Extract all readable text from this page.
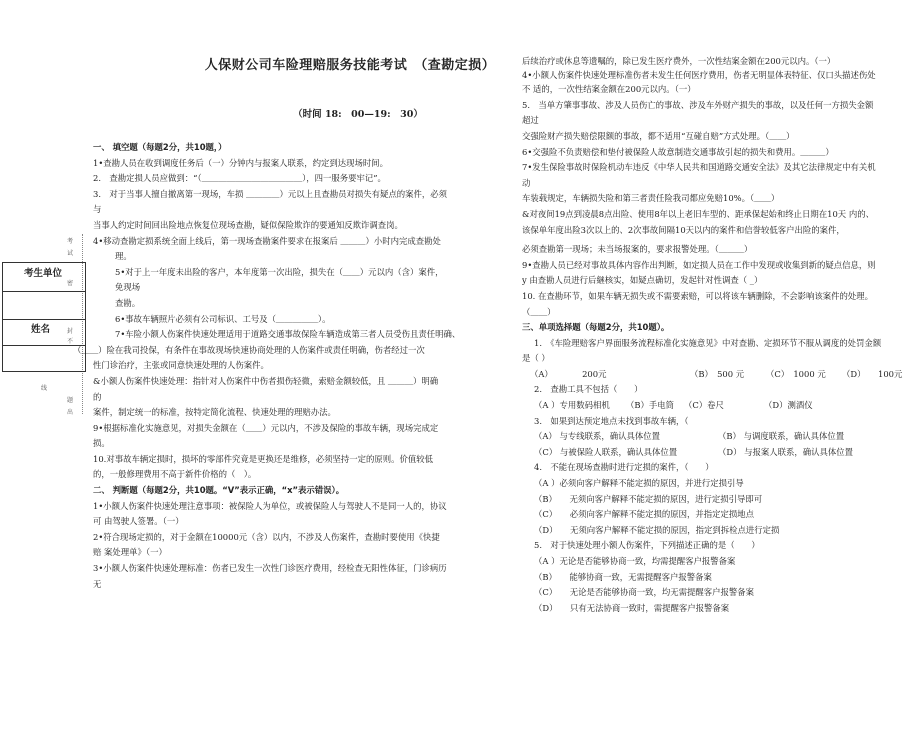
人保财公司车险理赔服务技能考试　（查勘定损）
（时间 18:　00—19:　30）
考
试
密
封
不
线
题
出
考生单位
姓名
一、 填空题（每题2分，共10题，）
1•查勘人员在收到调度任务后（一）分钟内与报案人联系，约定到达现场时间。
2.　查勘定损人员应做到：“（＿＿＿＿＿＿＿＿＿＿＿＿），四一服务要牢记”。
3.　对于当事人擅自撤离第一现场，车损 ＿＿＿＿）元以上且查勘员对损失有疑点的案件，必须
与
当事人约定时间回出险地点恢复位现场查勘，疑似保险欺诈的要通知反欺诈调查岗。
4•移动查勘定损系统全面上线后，第一现场查勘案件要求在报案后 ＿＿＿）小时内完成查勘处
理。
5•对于上一年度未出险的客户，本年度第一次出险，损失在（＿＿）元以内（含）案件，
免现场
查勘。
6•事故车辆照片必须有公司标识、工号及（＿＿＿＿＿）。
7•车险小额人伤案件快速处理适用于道路交通事故保险车辆造成第三者人员受伤且责任明确、
（＿＿）险在我司投保，有条件在事故现场快速协商处理的人伤案件或责任明确，伤者经过一次
性门诊治疗，主张或同意快速处理的人伤案件。
&小额人伤案件快速处理：指针对人伤案件中伤者损伤轻微，索赔金额较低，且 ＿＿＿）明确
的
案件，制定统一的标准，按特定简化流程、快速处理的理赔办法。
9•根据标准化实施意见，对损失金额在（＿＿）元以内，不涉及保险的事故车辆，现场完成定
损。
10.对事故车辆定损时，损坏的零部件究竟是更换还是维修，必须坚持一定的原则。价值较低
的，一般修理费用不高于新件价格的（　）。
二、 判断题（每题2分，共10题。“V”表示正确，“x”表示错误）。
1•小额人伤案件快速处理注意事项：被保险人为单位，或被保险人与驾驶人不是同一人的，协议
可 由驾驶人签署。（一）
2•符合现场定损的，对于金额在10000元（含）以内，不涉及人伤案件，查勘时要使用《快捷
赔 案处理单》（一）
3•小额人伤案件快速处理标准：伤者已发生一次性门诊医疗费用，经检查无阳性体征，门诊病历
无
后续治疗或休息等遗嘱的，除已发生医疗费外，一次性结案金额在200元以内。（一）
4•小额人伤案件快速处理标准伤者未发生任何医疗费用，伤者无明显体表特征、仅口头描述伤处
不 适的，一次性结案金额在200元以内。（一）
5.　当单方肇事事故、涉及人员伤亡的事故、涉及车外财产损失的事故，以及任何一方损失金额
超过
交强险财产损失赔偿限额的事故，都不适用“互碰自赔”方式处理。（＿＿）
6•交强险不负责赔偿和垫付被保险人故意制造交通事故引起的损失和费用。＿＿＿）
7•发生保险事故时保险机动车违反《中华人民共和国道路交通安全法》及其它法律规定中有关机
动
车装载规定，车辆损失险和第三者责任险我司都应免赔10%。（＿＿）
&对夜间19点到凌晨8点出险、使用8年以上老旧车型的、距承保起始和终止日期在10天 内的、
该保单年度出险3次以上的、2次事故间隔10天以内的案件和信誉较低客户出险的案件，
必须查勘第一现场；未当场报案的，要求报警处理。（＿＿＿）
9•查勘人员已经对事故具体内容作出判断，如定损人员在工作中发现或收集到新的疑点信息，则
y 由查勘人员进行后継核实，如疑点确切，发起针对性调查（ _）
10. 在查勘环节，如果车辆无损失或不需要索赔，可以将该车辆删除，不会影响该案件的处理。
（＿＿）
三、单项选择题（每题2分，共10题）。
1.　《车险理赔客户界面服务流程标准化实施意见》中对查勘、定损环节不服从调度的处罚金额
是（ ）
（A）　　　　200元	（B）　500 元	（C）　1000 元 （D）　　100元
2.　查勘工具不包括（　　）
（A ）专用数码相机 （B）手电筒 （C）卷尺	（D）测酒仪
3.　如果到达预定地点未找到事故车辆，（
（A） 与专线联系，确认具体位置	（B） 与调度联系，确认具体位置
（C） 与被保险人联系，确认具体位置	（D） 与报案人联系，确认具体位置
4.　不能在现场查勘时进行定损的案件，（　　）
（A ）必须向客户解释不能定损的原因，并进行定损引导
（B）　　无须向客户解释不能定损的原因，进行定损引导即可
（C）　　必须向客户解释不能定损的原因，并指定定损地点
（D）　　无须向客户解释不能定损的原因，指定到拆检点进行定损
5.　对于快速处理小额人伤案件，下列描述正确的是（　　）
（A ）无论是否能够协商一致，均需提醒客户报警备案
（B）　　能够协商一致，无需提醒客户报警备案
（C）　　无论是否能够协商一致，均无需提醒客户报警备案
（D）　　只有无法协商一致时，需提醒客户报警备案
